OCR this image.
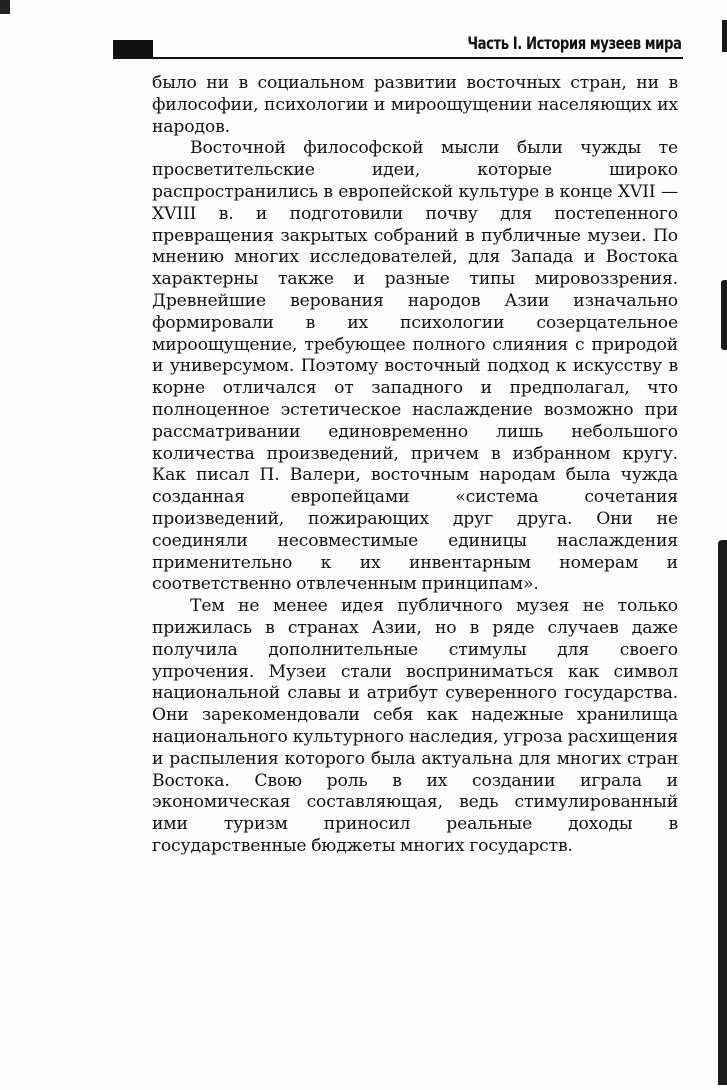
Часть I. История музеев мира

было ни в социальном развитии восточных стран, ни в философии, психологии и мироощущении населяющих их народов.

Восточной философской мысли были чужды те просветительские идеи, которые широко распространились в европейской культуре в конце XVII — XVIII в. и подготовили почву для постепенного превращения закрытых собраний в публичные музеи. По мнению многих исследователей, для Запада и Востока характерны также и разные типы мировоззрения. Древнейшие верования народов Азии изначально формировали в их психологии созерцательное мироощущение, требующее полного слияния с природой и универсумом. Поэтому восточный подход к искусству в корне отличался от западного и предполагал, что полноценное эстетическое наслаждение возможно при рассматривании единовременно лишь небольшого количества произведений, причем в избранном кругу. Как писал П. Валери, восточным народам была чужда созданная европейцами «система сочетания произведений, пожирающих друг друга. Они не соединяли несовместимые единицы наслаждения применительно к их инвентарным номерам и соответственно отвлеченным принципам».

Тем не менее идея публичного музея не только прижилась в странах Азии, но в ряде случаев даже получила дополнительные стимулы для своего упрочения. Музеи стали восприниматься как символ национальной славы и атрибут суверенного государства. Они зарекомендовали себя как надежные хранилища национального культурного наследия, угроза расхищения и распыления которого была актуальна для многих стран Востока. Свою роль в их создании играла и экономическая составляющая, ведь стимулированный ими туризм приносил реальные доходы в государственные бюджеты многих государств.
